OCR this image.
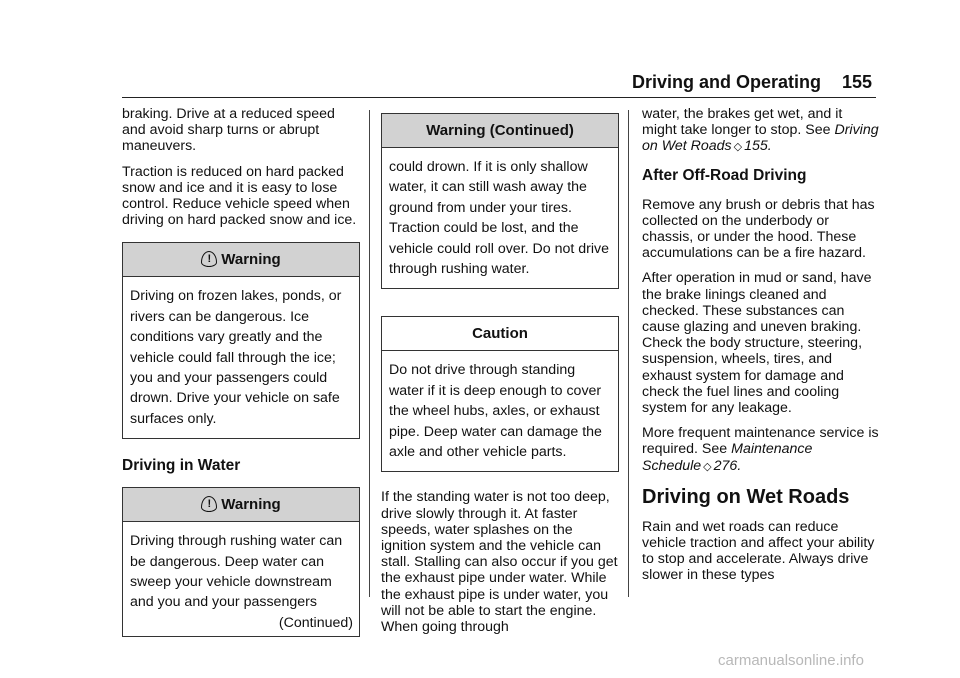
Driving and Operating 155

braking. Drive at a reduced speed and avoid sharp turns or abrupt maneuvers.

Traction is reduced on hard packed snow and ice and it is easy to lose control. Reduce vehicle speed when driving on hard packed snow and ice.

! Warning
Driving on frozen lakes, ponds, or rivers can be dangerous. Ice conditions vary greatly and the vehicle could fall through the ice; you and your passengers could drown. Drive your vehicle on safe surfaces only.
Driving in Water
! Warning
Driving through rushing water can be dangerous. Deep water can sweep your vehicle downstream and you and your passengers
(Continued)
Warning (Continued)
could drown. If it is only shallow water, it can still wash away the ground from under your tires. Traction could be lost, and the vehicle could roll over. Do not drive through rushing water.
Caution
Do not drive through standing water if it is deep enough to cover the wheel hubs, axles, or exhaust pipe. Deep water can damage the axle and other vehicle parts.

If the standing water is not too deep, drive slowly through it. At faster speeds, water splashes on the ignition system and the vehicle can stall. Stalling can also occur if you get the exhaust pipe under water. While the exhaust pipe is under water, you will not be able to start the engine. When going through

water, the brakes get wet, and it might take longer to stop. See Driving on Wet Roads ◇ 155.

After Off-Road Driving

Remove any brush or debris that has collected on the underbody or chassis, or under the hood. These accumulations can be a fire hazard.

After operation in mud or sand, have the brake linings cleaned and checked. These substances can cause glazing and uneven braking. Check the body structure, steering, suspension, wheels, tires, and exhaust system for damage and check the fuel lines and cooling system for any leakage.

More frequent maintenance service is required. See Maintenance Schedule ◇ 276.

Driving on Wet Roads

Rain and wet roads can reduce vehicle traction and affect your ability to stop and accelerate. Always drive slower in these types

carmanualsonline.info
